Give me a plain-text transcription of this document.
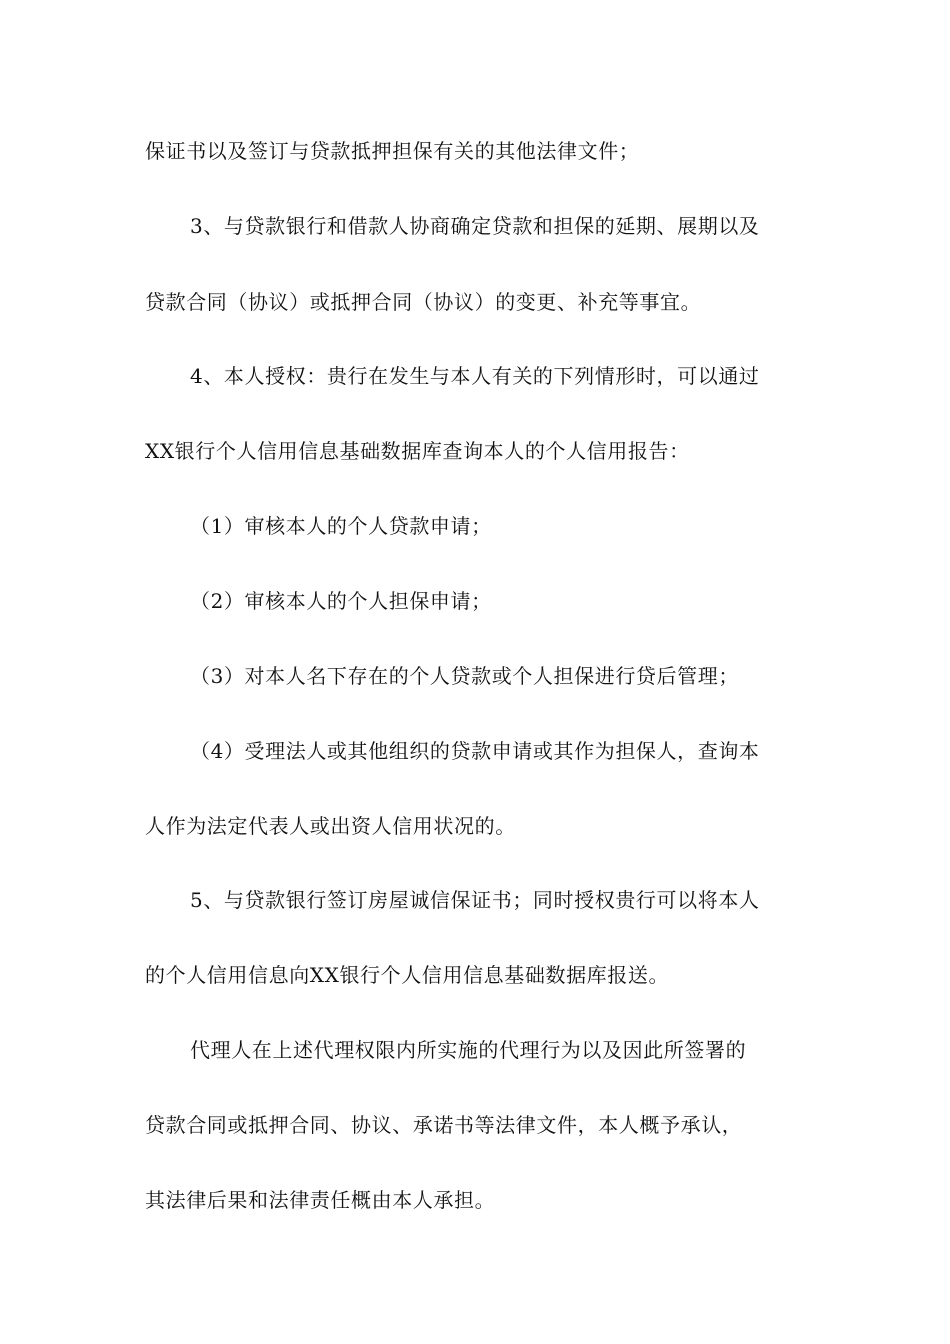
保证书以及签订与贷款抵押担保有关的其他法律文件；
3、与贷款银行和借款人协商确定贷款和担保的延期、展期以及
贷款合同（协议）或抵押合同（协议）的变更、补充等事宜。
4、本人授权：贵行在发生与本人有关的下列情形时，可以通过
XX银行个人信用信息基础数据库查询本人的个人信用报告：
（1）审核本人的个人贷款申请；
（2）审核本人的个人担保申请；
（3）对本人名下存在的个人贷款或个人担保进行贷后管理；
（4）受理法人或其他组织的贷款申请或其作为担保人，查询本
人作为法定代表人或出资人信用状况的。
5、与贷款银行签订房屋诚信保证书；同时授权贵行可以将本人
的个人信用信息向XX银行个人信用信息基础数据库报送。
代理人在上述代理权限内所实施的代理行为以及因此所签署的
贷款合同或抵押合同、协议、承诺书等法律文件，本人概予承认，
其法律后果和法律责任概由本人承担。
